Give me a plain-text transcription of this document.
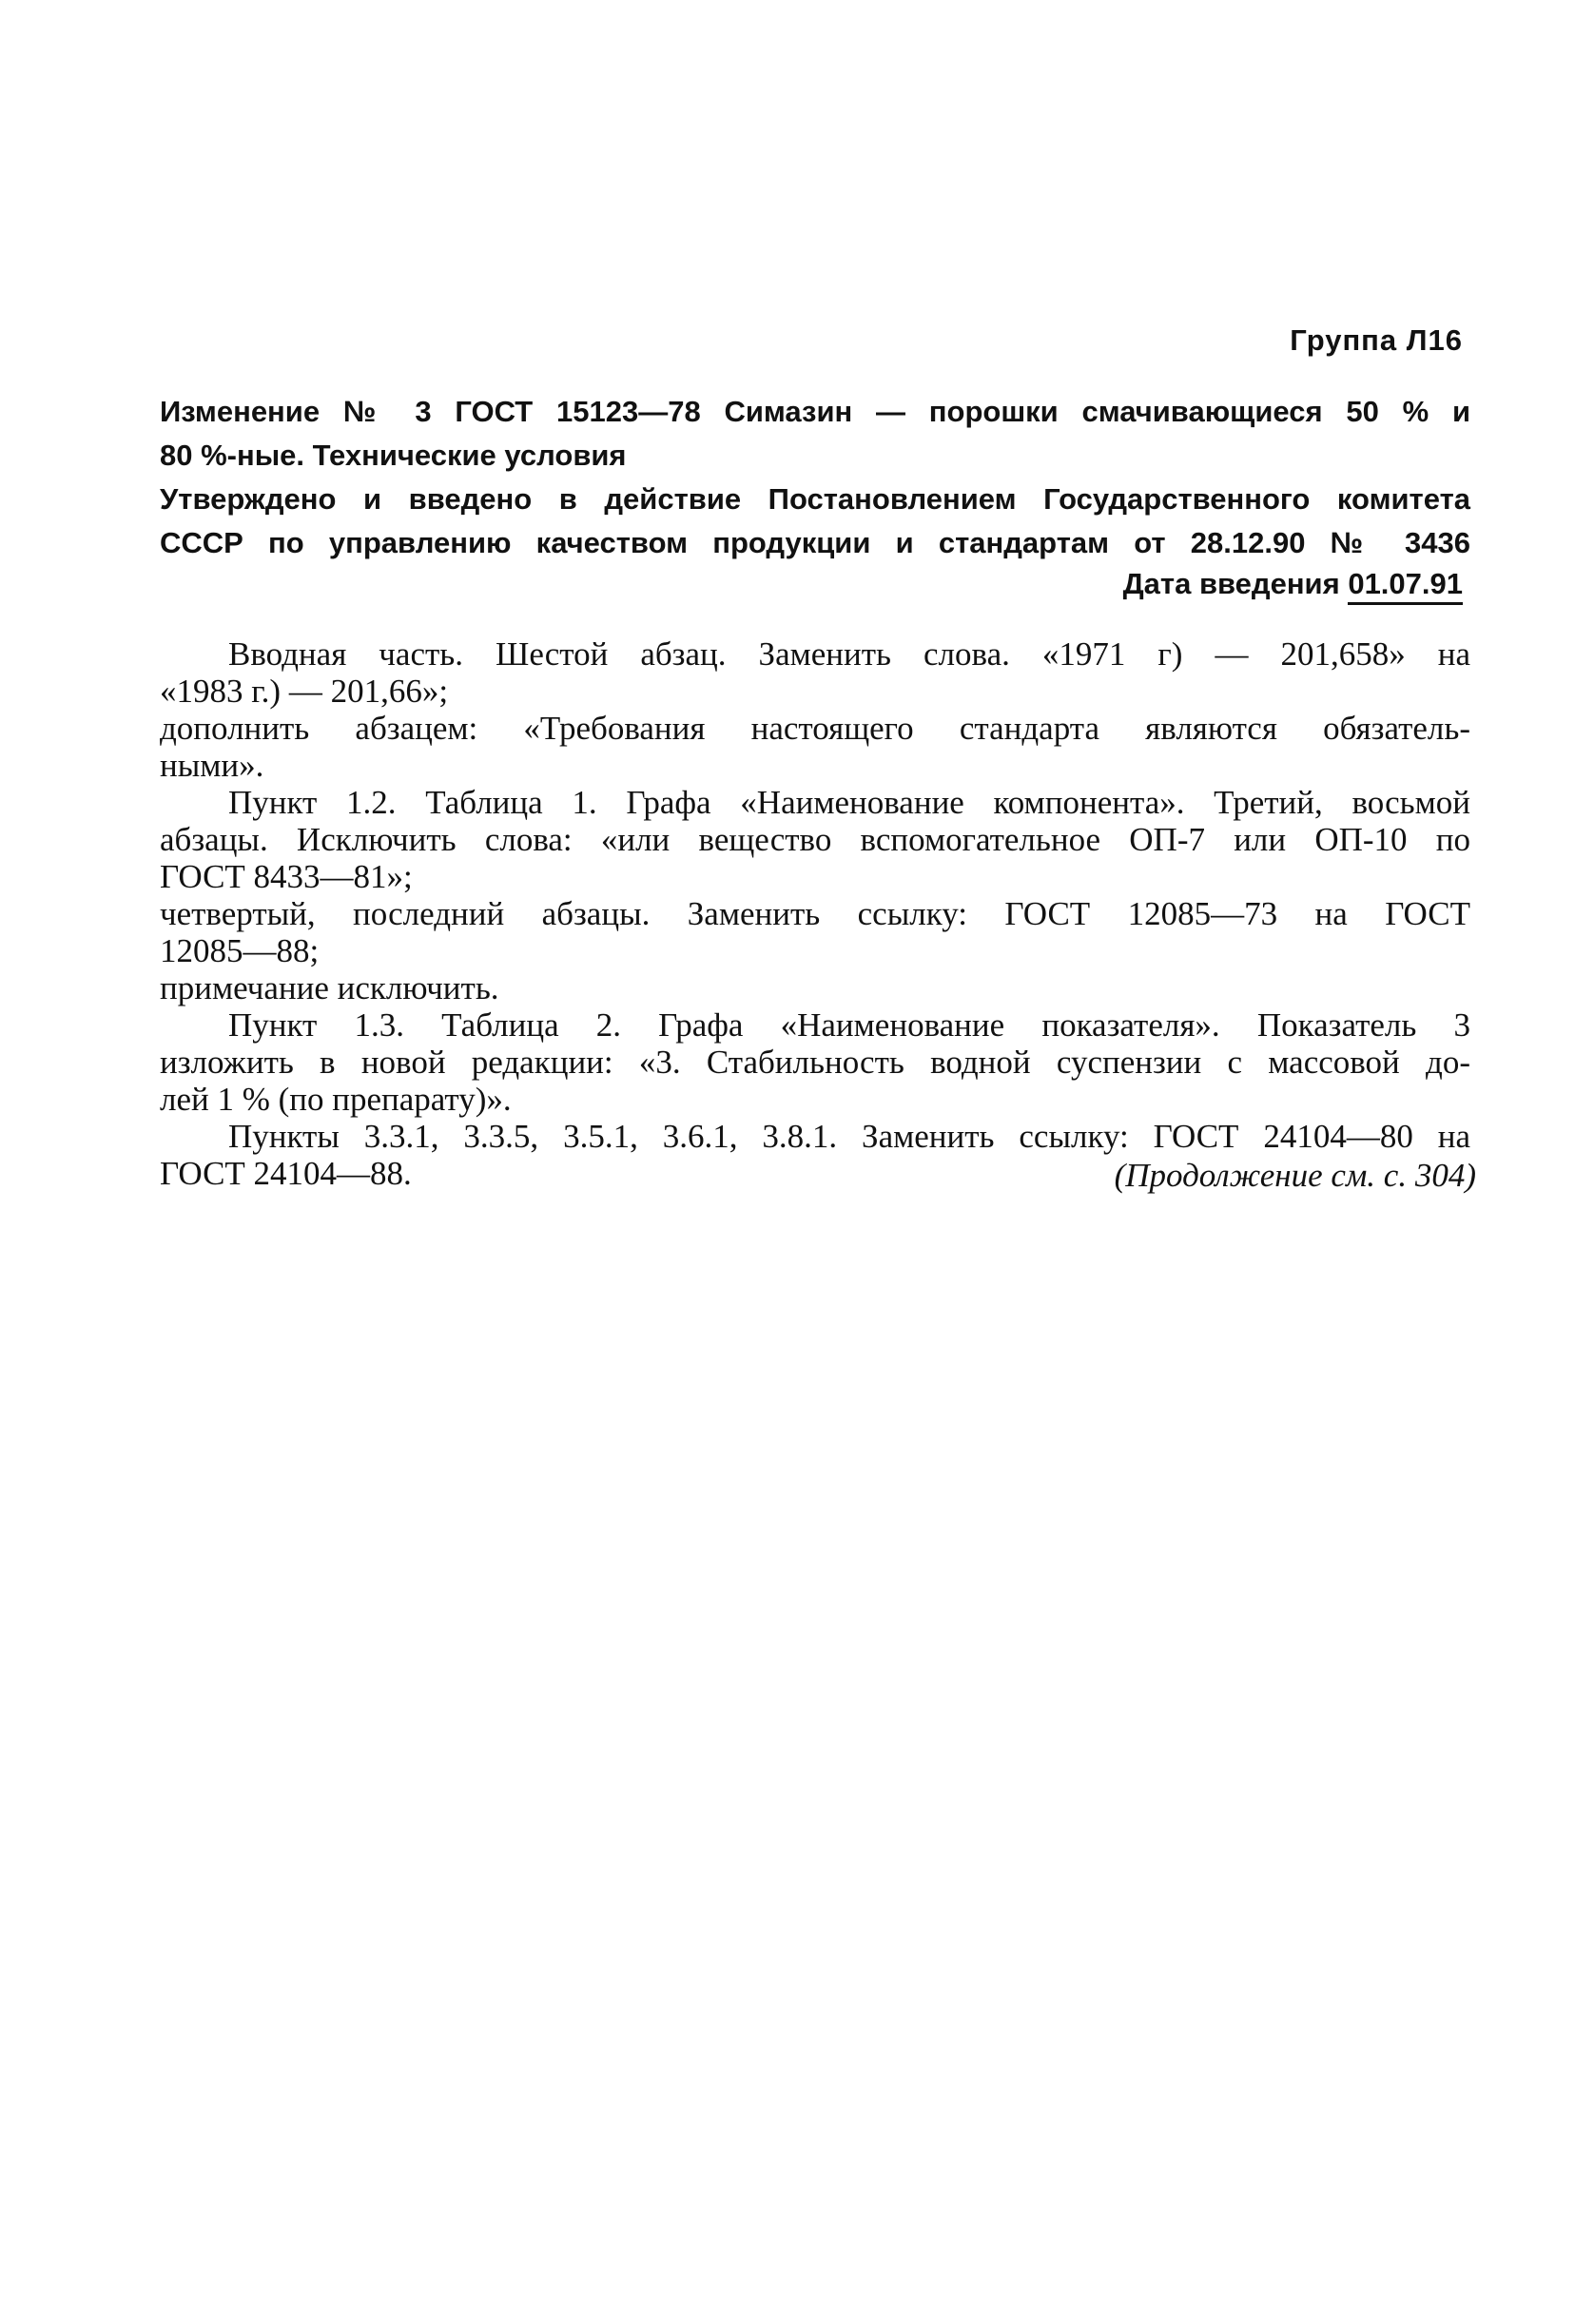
Группа Л16
Изменение № 3 ГОСТ 15123—78 Симазин — порошки смачивающиеся 50 % и
80 %-ные. Технические условия
Утверждено и введено в действие Постановлением Государственного комитета
СССР по управлению качеством продукции и стандартам от 28.12.90 № 3436
Дата введения 01.07.91
Вводная часть. Шестой абзац. Заменить слова. «1971 г) — 201,658» на
«1983 г.) — 201,66»;
дополнить абзацем: «Требования настоящего стандарта являются обязатель-
ными».
Пункт 1.2. Таблица 1. Графа «Наименование компонента». Третий, восьмой
абзацы. Исключить слова: «или вещество вспомогательное ОП-7 или ОП-10 по
ГОСТ 8433—81»;
четвертый, последний абзацы. Заменить ссылку: ГОСТ 12085—73 на ГОСТ
12085—88;
примечание исключить.
Пункт 1.3. Таблица 2. Графа «Наименование показателя». Показатель 3
изложить в новой редакции: «3. Стабильность водной суспензии с массовой до-
лей 1 % (по препарату)».
Пункты 3.3.1, 3.3.5, 3.5.1, 3.6.1, 3.8.1. Заменить ссылку: ГОСТ 24104—80 на
ГОСТ 24104—88.	(Продолжение см. с. 304)
